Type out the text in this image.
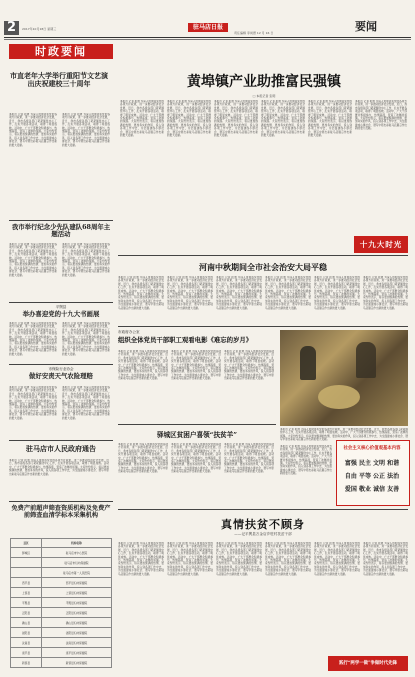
2	驻马店日报	要闻
2017年10月18日 星期三
责任编辑 李尚德 12 月 16 日
时政要闻
市直老年大学举行重阳节文艺演出庆祝建校三十周年
本报讯 记者 报道 为深入贯彻落实党的各项方针政策，进一步推动经济社会发展，近日，我市各级各部门紧紧围绕中心工作，扎实开展各项活动，取得了明显成效。活动中，广大干部群众积极参与，热情高涨，营造了浓厚的氛围。大家纷纷表示，将以更加饱满的热情、更加务实的作风，投入到各项工作中去，为全面建成小康社会、谱写中原出彩驻马店篇章作出新的更大贡献。
本报讯 记者 报道 为深入贯彻落实党的各项方针政策，进一步推动经济社会发展，近日，我市各级各部门紧紧围绕中心工作，扎实开展各项活动，取得了明显成效。活动中，广大干部群众积极参与，热情高涨，营造了浓厚的氛围。大家纷纷表示，将以更加饱满的热情、更加务实的作风，投入到各项工作中去，为全面建成小康社会、谱写中原出彩驻马店篇章作出新的更大贡献。
我市举行纪念少先队建队68周年主题活动
本报讯 记者 报道 为深入贯彻落实党的各项方针政策，进一步推动经济社会发展，近日，我市各级各部门紧紧围绕中心工作，扎实开展各项活动，取得了明显成效。活动中，广大干部群众积极参与，热情高涨，营造了浓厚的氛围。大家纷纷表示，将以更加饱满的热情、更加务实的作风，投入到各项工作中去，为全面建成小康社会、谱写中原出彩驻马店篇章作出新的更大贡献。
本报讯 记者 报道 为深入贯彻落实党的各项方针政策，进一步推动经济社会发展，近日，我市各级各部门紧紧围绕中心工作，扎实开展各项活动，取得了明显成效。活动中，广大干部群众积极参与，热情高涨，营造了浓厚的氛围。大家纷纷表示，将以更加饱满的热情、更加务实的作风，投入到各项工作中去，为全面建成小康社会、谱写中原出彩驻马店篇章作出新的更大贡献。
平舆县
举办喜迎党的十九大书画展
本报讯 记者 报道 为深入贯彻落实党的各项方针政策，进一步推动经济社会发展，近日，我市各级各部门紧紧围绕中心工作，扎实开展各项活动，取得了明显成效。活动中，广大干部群众积极参与，热情高涨，营造了浓厚的氛围。大家纷纷表示，将以更加饱满的热情、更加务实的作风，投入到各项工作中去，为全面建成小康社会、谱写中原出彩驻马店篇章作出新的更大贡献。
本报讯 记者 报道 为深入贯彻落实党的各项方针政策，进一步推动经济社会发展，近日，我市各级各部门紧紧围绕中心工作，扎实开展各项活动，取得了明显成效。活动中，广大干部群众积极参与，热情高涨，营造了浓厚的氛围。大家纷纷表示，将以更加饱满的热情、更加务实的作风，投入到各项工作中去，为全面建成小康社会、谱写中原出彩驻马店篇章作出新的更大贡献。
市保险行业协会
做好安责天气农险理赔
本报讯 记者 报道 为深入贯彻落实党的各项方针政策，进一步推动经济社会发展，近日，我市各级各部门紧紧围绕中心工作，扎实开展各项活动，取得了明显成效。活动中，广大干部群众积极参与，热情高涨，营造了浓厚的氛围。大家纷纷表示，将以更加饱满的热情、更加务实的作风，投入到各项工作中去，为全面建成小康社会、谱写中原出彩驻马店篇章作出新的更大贡献。
本报讯 记者 报道 为深入贯彻落实党的各项方针政策，进一步推动经济社会发展，近日，我市各级各部门紧紧围绕中心工作，扎实开展各项活动，取得了明显成效。活动中，广大干部群众积极参与，热情高涨，营造了浓厚的氛围。大家纷纷表示，将以更加饱满的热情、更加务实的作风，投入到各项工作中去，为全面建成小康社会、谱写中原出彩驻马店篇章作出新的更大贡献。
驻马店市人民政府通告
本报讯 记者 报道 为深入贯彻落实党的各项方针政策，进一步推动经济社会发展，近日，我市各级各部门紧紧围绕中心工作，扎实开展各项活动，取得了明显成效。活动中，广大干部群众积极参与，热情高涨，营造了浓厚的氛围。大家纷纷表示，将以更加饱满的热情、更加务实的作风，投入到各项工作中去，为全面建成小康社会、谱写中原出彩驻马店篇章作出新的更大贡献。
免费产前超声筛查资质机构及免费产前筛查血清学标本采集机构
县区	机构名称
驿城区	驻马店市中心医院
	驻马店市妇幼保健院
	驻马店市第一人民医院
西平县	西平县妇幼保健院
上蔡县	上蔡县妇幼保健院
平舆县	平舆县妇幼保健院
正阳县	正阳县妇幼保健院
确山县	确山县妇幼保健院
泌阳县	泌阳县妇幼保健院
汝南县	汝南县妇幼保健院
遂平县	遂平县妇幼保健院
新蔡县	新蔡县妇幼保健院
黄埠镇产业助推富民强镇
□ 本报记者 张明
本报讯 记者 报道 为深入贯彻落实党的各项方针政策，进一步推动经济社会发展，近日，我市各级各部门紧紧围绕中心工作，扎实开展各项活动，取得了明显成效。活动中，广大干部群众积极参与，热情高涨，营造了浓厚的氛围。大家纷纷表示，将以更加饱满的热情、更加务实的作风，投入到各项工作中去，为全面建成小康社会、谱写中原出彩驻马店篇章作出新的更大贡献。
本报讯 记者 报道 为深入贯彻落实党的各项方针政策，进一步推动经济社会发展，近日，我市各级各部门紧紧围绕中心工作，扎实开展各项活动，取得了明显成效。活动中，广大干部群众积极参与，热情高涨，营造了浓厚的氛围。大家纷纷表示，将以更加饱满的热情、更加务实的作风，投入到各项工作中去，为全面建成小康社会、谱写中原出彩驻马店篇章作出新的更大贡献。
本报讯 记者 报道 为深入贯彻落实党的各项方针政策，进一步推动经济社会发展，近日，我市各级各部门紧紧围绕中心工作，扎实开展各项活动，取得了明显成效。活动中，广大干部群众积极参与，热情高涨，营造了浓厚的氛围。大家纷纷表示，将以更加饱满的热情、更加务实的作风，投入到各项工作中去，为全面建成小康社会、谱写中原出彩驻马店篇章作出新的更大贡献。
本报讯 记者 报道 为深入贯彻落实党的各项方针政策，进一步推动经济社会发展，近日，我市各级各部门紧紧围绕中心工作，扎实开展各项活动，取得了明显成效。活动中，广大干部群众积极参与，热情高涨，营造了浓厚的氛围。大家纷纷表示，将以更加饱满的热情、更加务实的作风，投入到各项工作中去，为全面建成小康社会、谱写中原出彩驻马店篇章作出新的更大贡献。
本报讯 记者 报道 为深入贯彻落实党的各项方针政策，进一步推动经济社会发展，近日，我市各级各部门紧紧围绕中心工作，扎实开展各项活动，取得了明显成效。活动中，广大干部群众积极参与，热情高涨，营造了浓厚的氛围。大家纷纷表示，将以更加饱满的热情、更加务实的作风，投入到各项工作中去，为全面建成小康社会、谱写中原出彩驻马店篇章作出新的更大贡献。
本报讯 记者 报道 为深入贯彻落实党的各项方针政策，进一步推动经济社会发展，近日，我市各级各部门紧紧围绕中心工作，扎实开展各项活动，取得了明显成效。活动中，广大干部群众积极参与，热情高涨，营造了浓厚的氛围。大家纷纷表示，将以更加饱满的热情、更加务实的作风，投入到各项工作中去，为全面建成小康社会、谱写中原出彩驻马店篇章作出新的更大贡献。
十九大时光
河南中秋期间全市社会治安大局平稳
本报讯 记者 报道 为深入贯彻落实党的各项方针政策，进一步推动经济社会发展，近日，我市各级各部门紧紧围绕中心工作，扎实开展各项活动，取得了明显成效。活动中，广大干部群众积极参与，热情高涨，营造了浓厚的氛围。大家纷纷表示，将以更加饱满的热情、更加务实的作风，投入到各项工作中去，为全面建成小康社会、谱写中原出彩驻马店篇章作出新的更大贡献。
本报讯 记者 报道 为深入贯彻落实党的各项方针政策，进一步推动经济社会发展，近日，我市各级各部门紧紧围绕中心工作，扎实开展各项活动，取得了明显成效。活动中，广大干部群众积极参与，热情高涨，营造了浓厚的氛围。大家纷纷表示，将以更加饱满的热情、更加务实的作风，投入到各项工作中去，为全面建成小康社会、谱写中原出彩驻马店篇章作出新的更大贡献。
本报讯 记者 报道 为深入贯彻落实党的各项方针政策，进一步推动经济社会发展，近日，我市各级各部门紧紧围绕中心工作，扎实开展各项活动，取得了明显成效。活动中，广大干部群众积极参与，热情高涨，营造了浓厚的氛围。大家纷纷表示，将以更加饱满的热情、更加务实的作风，投入到各项工作中去，为全面建成小康社会、谱写中原出彩驻马店篇章作出新的更大贡献。
本报讯 记者 报道 为深入贯彻落实党的各项方针政策，进一步推动经济社会发展，近日，我市各级各部门紧紧围绕中心工作，扎实开展各项活动，取得了明显成效。活动中，广大干部群众积极参与，热情高涨，营造了浓厚的氛围。大家纷纷表示，将以更加饱满的热情、更加务实的作风，投入到各项工作中去，为全面建成小康社会、谱写中原出彩驻马店篇章作出新的更大贡献。
本报讯 记者 报道 为深入贯彻落实党的各项方针政策，进一步推动经济社会发展，近日，我市各级各部门紧紧围绕中心工作，扎实开展各项活动，取得了明显成效。活动中，广大干部群众积极参与，热情高涨，营造了浓厚的氛围。大家纷纷表示，将以更加饱满的热情、更加务实的作风，投入到各项工作中去，为全面建成小康社会、谱写中原出彩驻马店篇章作出新的更大贡献。
本报讯 记者 报道 为深入贯彻落实党的各项方针政策，进一步推动经济社会发展，近日，我市各级各部门紧紧围绕中心工作，扎实开展各项活动，取得了明显成效。活动中，广大干部群众积极参与，热情高涨，营造了浓厚的氛围。大家纷纷表示，将以更加饱满的热情、更加务实的作风，投入到各项工作中去，为全面建成小康社会、谱写中原出彩驻马店篇章作出新的更大贡献。
市政府办公室
组织全体党员干部职工观看电影《难忘的岁月》
本报讯 记者 报道 为深入贯彻落实党的各项方针政策，进一步推动经济社会发展，近日，我市各级各部门紧紧围绕中心工作，扎实开展各项活动，取得了明显成效。活动中，广大干部群众积极参与，热情高涨，营造了浓厚的氛围。大家纷纷表示，将以更加饱满的热情、更加务实的作风，投入到各项工作中去，为全面建成小康社会、谱写中原出彩驻马店篇章作出新的更大贡献。
本报讯 记者 报道 为深入贯彻落实党的各项方针政策，进一步推动经济社会发展，近日，我市各级各部门紧紧围绕中心工作，扎实开展各项活动，取得了明显成效。活动中，广大干部群众积极参与，热情高涨，营造了浓厚的氛围。大家纷纷表示，将以更加饱满的热情、更加务实的作风，投入到各项工作中去，为全面建成小康社会、谱写中原出彩驻马店篇章作出新的更大贡献。
本报讯 记者 报道 为深入贯彻落实党的各项方针政策，进一步推动经济社会发展，近日，我市各级各部门紧紧围绕中心工作，扎实开展各项活动，取得了明显成效。活动中，广大干部群众积极参与，热情高涨，营造了浓厚的氛围。大家纷纷表示，将以更加饱满的热情、更加务实的作风，投入到各项工作中去，为全面建成小康社会、谱写中原出彩驻马店篇章作出新的更大贡献。
本报讯 记者 报道 为深入贯彻落实党的各项方针政策，进一步推动经济社会发展，近日，我市各级各部门紧紧围绕中心工作，扎实开展各项活动，取得了明显成效。活动中，广大干部群众积极参与，热情高涨，营造了浓厚的氛围。大家纷纷表示，将以更加饱满的热情、更加务实的作风，投入到各项工作中去，为全面建成小康社会、谱写中原出彩驻马店篇章作出新的更大贡献。
驿城区贫困户喜领“扶贫羊”
本报讯 记者 报道 为深入贯彻落实党的各项方针政策，进一步推动经济社会发展，近日，我市各级各部门紧紧围绕中心工作，扎实开展各项活动，取得了明显成效。活动中，广大干部群众积极参与，热情高涨，营造了浓厚的氛围。大家纷纷表示，将以更加饱满的热情、更加务实的作风，投入到各项工作中去，为全面建成小康社会、谱写中原出彩驻马店篇章作出新的更大贡献。
本报讯 记者 报道 为深入贯彻落实党的各项方针政策，进一步推动经济社会发展，近日，我市各级各部门紧紧围绕中心工作，扎实开展各项活动，取得了明显成效。活动中，广大干部群众积极参与，热情高涨，营造了浓厚的氛围。大家纷纷表示，将以更加饱满的热情、更加务实的作风，投入到各项工作中去，为全面建成小康社会、谱写中原出彩驻马店篇章作出新的更大贡献。
本报讯 记者 报道 为深入贯彻落实党的各项方针政策，进一步推动经济社会发展，近日，我市各级各部门紧紧围绕中心工作，扎实开展各项活动，取得了明显成效。活动中，广大干部群众积极参与，热情高涨，营造了浓厚的氛围。大家纷纷表示，将以更加饱满的热情、更加务实的作风，投入到各项工作中去，为全面建成小康社会、谱写中原出彩驻马店篇章作出新的更大贡献。
本报讯 记者 报道 为深入贯彻落实党的各项方针政策，进一步推动经济社会发展，近日，我市各级各部门紧紧围绕中心工作，扎实开展各项活动，取得了明显成效。活动中，广大干部群众积极参与，热情高涨，营造了浓厚的氛围。大家纷纷表示，将以更加饱满的热情、更加务实的作风，投入到各项工作中去，为全面建成小康社会、谱写中原出彩驻马店篇章作出新的更大贡献。
社会主义核心价值观基本内容
富强 民主 文明 和谐
自由 平等 公正 法治
爱国 敬业 诚信 友善
真情扶贫不顾身
——记平舆县万金店乡驻村扶贫干部
本报讯 记者 报道 为深入贯彻落实党的各项方针政策，进一步推动经济社会发展，近日，我市各级各部门紧紧围绕中心工作，扎实开展各项活动，取得了明显成效。活动中，广大干部群众积极参与，热情高涨，营造了浓厚的氛围。大家纷纷表示，将以更加饱满的热情、更加务实的作风，投入到各项工作中去，为全面建成小康社会、谱写中原出彩驻马店篇章作出新的更大贡献。
本报讯 记者 报道 为深入贯彻落实党的各项方针政策，进一步推动经济社会发展，近日，我市各级各部门紧紧围绕中心工作，扎实开展各项活动，取得了明显成效。活动中，广大干部群众积极参与，热情高涨，营造了浓厚的氛围。大家纷纷表示，将以更加饱满的热情、更加务实的作风，投入到各项工作中去，为全面建成小康社会、谱写中原出彩驻马店篇章作出新的更大贡献。
本报讯 记者 报道 为深入贯彻落实党的各项方针政策，进一步推动经济社会发展，近日，我市各级各部门紧紧围绕中心工作，扎实开展各项活动，取得了明显成效。活动中，广大干部群众积极参与，热情高涨，营造了浓厚的氛围。大家纷纷表示，将以更加饱满的热情、更加务实的作风，投入到各项工作中去，为全面建成小康社会、谱写中原出彩驻马店篇章作出新的更大贡献。
本报讯 记者 报道 为深入贯彻落实党的各项方针政策，进一步推动经济社会发展，近日，我市各级各部门紧紧围绕中心工作，扎实开展各项活动，取得了明显成效。活动中，广大干部群众积极参与，热情高涨，营造了浓厚的氛围。大家纷纷表示，将以更加饱满的热情、更加务实的作风，投入到各项工作中去，为全面建成小康社会、谱写中原出彩驻马店篇章作出新的更大贡献。
本报讯 记者 报道 为深入贯彻落实党的各项方针政策，进一步推动经济社会发展，近日，我市各级各部门紧紧围绕中心工作，扎实开展各项活动，取得了明显成效。活动中，广大干部群众积极参与，热情高涨，营造了浓厚的氛围。大家纷纷表示，将以更加饱满的热情、更加务实的作风，投入到各项工作中去，为全面建成小康社会、谱写中原出彩驻马店篇章作出新的更大贡献。
本报讯 记者 报道 为深入贯彻落实党的各项方针政策，进一步推动经济社会发展，近日，我市各级各部门紧紧围绕中心工作，扎实开展各项活动，取得了明显成效。活动中，广大干部群众积极参与，热情高涨，营造了浓厚的氛围。大家纷纷表示，将以更加饱满的热情、更加务实的作风，投入到各项工作中去，为全面建成小康社会、谱写中原出彩驻马店篇章作出新的更大贡献。
践行“两学一做”争做时代先锋
